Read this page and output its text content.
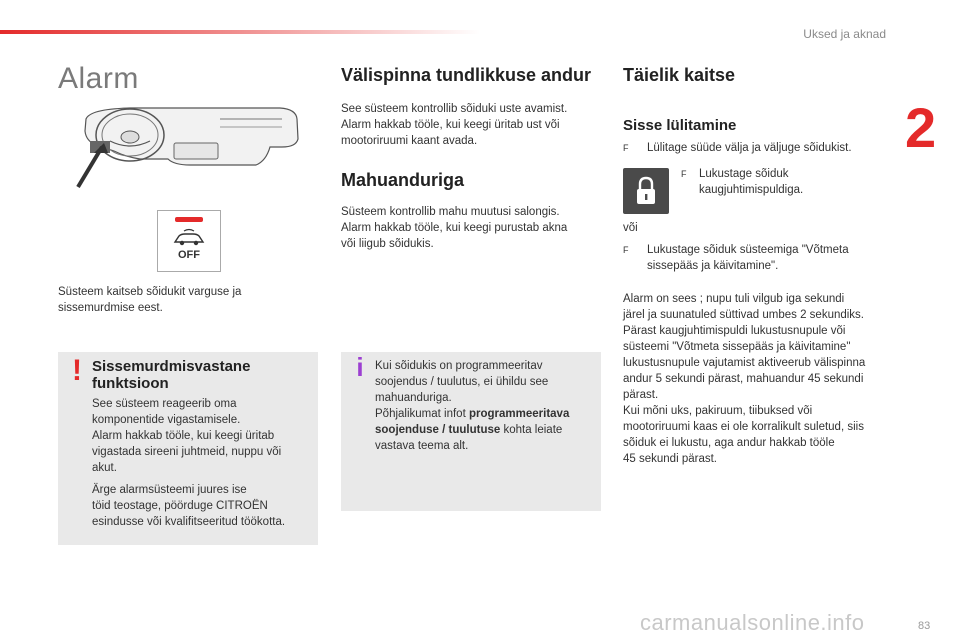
Uksed ja aknad
2
Alarm
OFF
Süsteem kaitseb sõidukit varguse ja
sissemurdmise eest.
! Sissemurdmisvastane
funktsioon
See süsteem reageerib oma
komponentide vigastamisele.
Alarm hakkab tööle, kui keegi üritab
vigastada sireeni juhtmeid, nuppu või
akut.
Ärge alarmsüsteemi juures ise
töid teostage, pöörduge CITROËN
esindusse või kvalifitseeritud töökotta.
Välispinna tundlikkuse andur
See süsteem kontrollib sõiduki uste avamist.
Alarm hakkab tööle, kui keegi üritab ust või
mootoriruumi kaant avada.
Mahuanduriga
Süsteem kontrollib mahu muutusi salongis.
Alarm hakkab tööle, kui keegi purustab akna
või liigub sõidukis.
i Kui sõidukis on programmeeritav
soojendus / tuulutus, ei ühildu see
mahuanduriga.
Põhjalikumat infot programmeeritava
soojenduse / tuulutuse kohta leiate
vastava teema alt.
Täielik kaitse
Sisse lülitamine
F Lülitage süüde välja ja väljuge sõidukist.
F Lukustage sõiduk
kaugjuhtimispuldiga.
või
F Lukustage sõiduk süsteemiga "Võtmeta
sissepääs ja käivitamine".
Alarm on sees ; nupu tuli vilgub iga sekundi
järel ja suunatuled süttivad umbes 2 sekundiks.
Pärast kaugjuhtimispuldi lukustusnupule või
süsteemi "Võtmeta sissepääs ja käivitamine"
lukustusnupule vajutamist aktiveerub välispinna
andur 5 sekundi pärast, mahuandur 45 sekundi
pärast.
Kui mõni uks, pakiruum, tiibuksed või
mootoriruumi kaas ei ole korralikult suletud, siis
sõiduk ei lukustu, aga andur hakkab tööle
45 sekundi pärast.
carmanualsonline.info	83
